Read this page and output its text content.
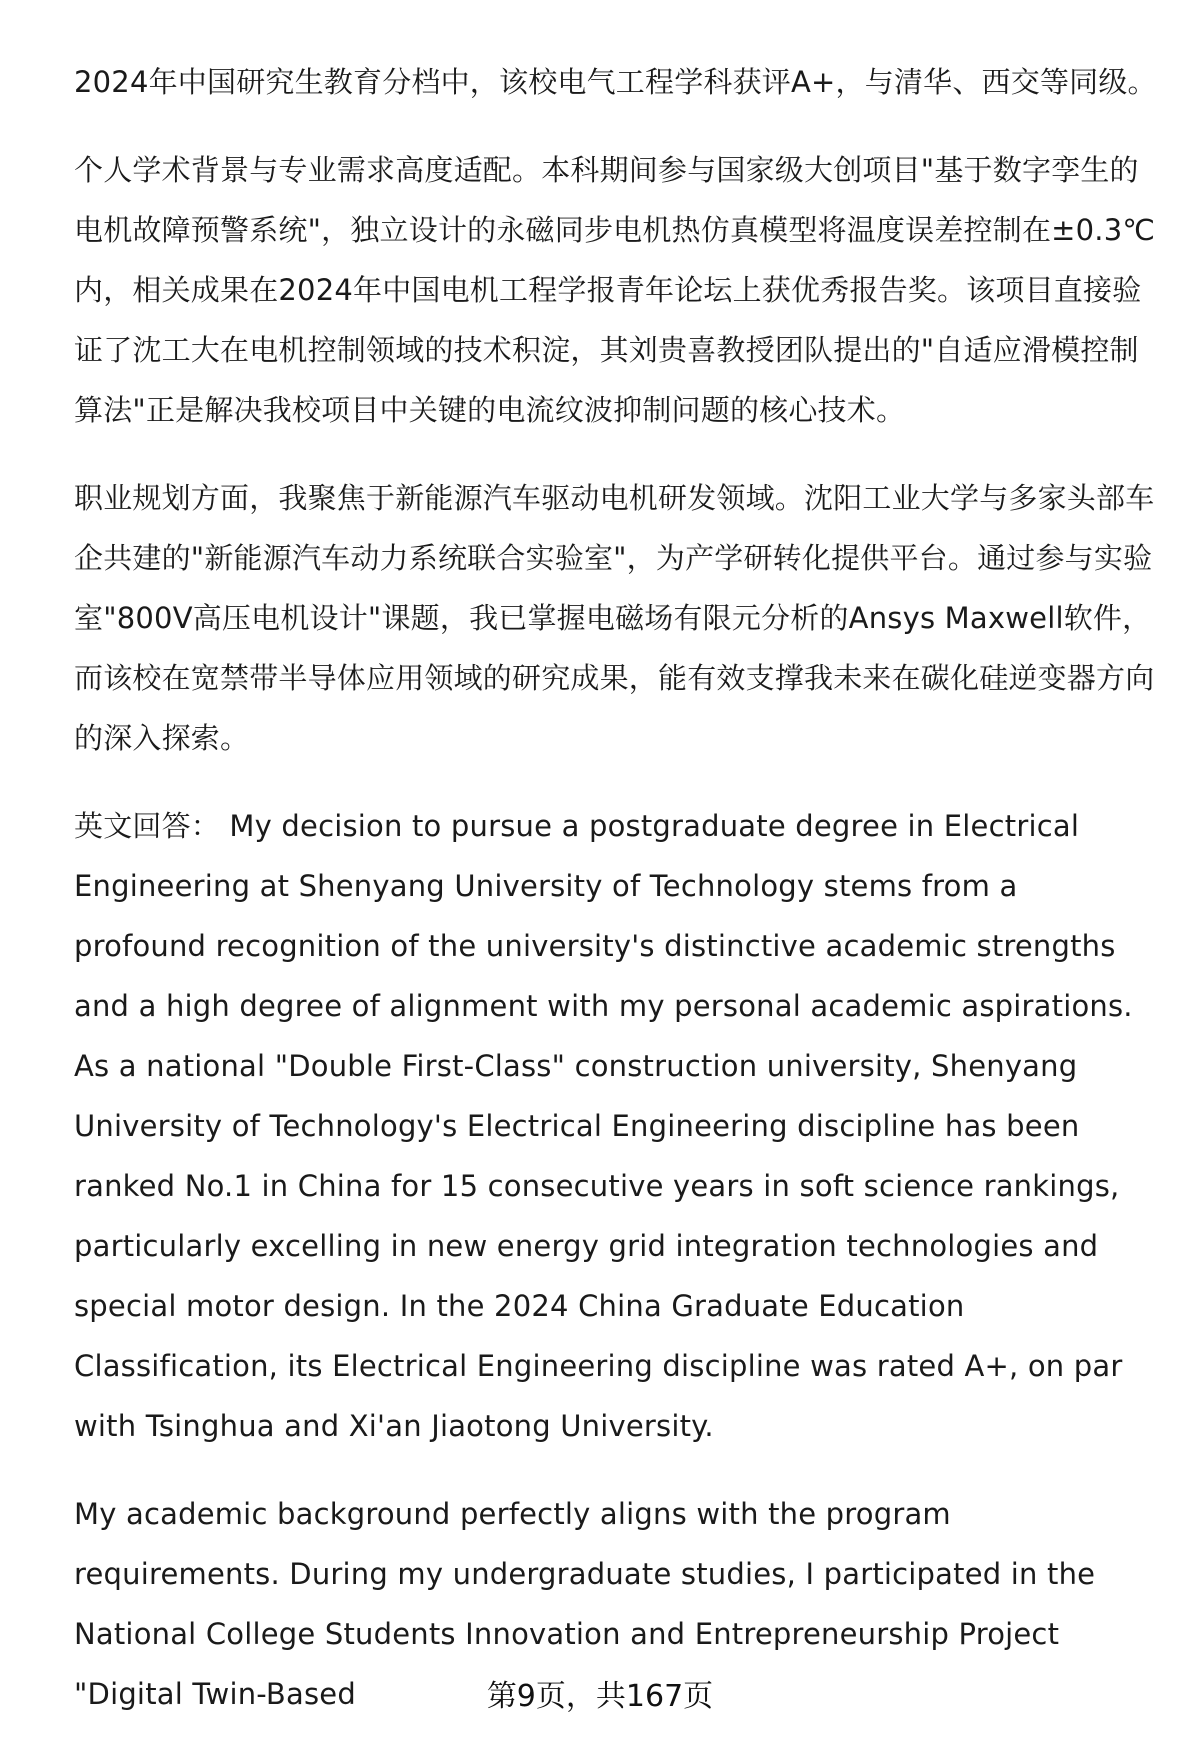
2024年中国研究生教育分档中，该校电气工程学科获评A+，与清华、西交等同级。

个人学术背景与专业需求高度适配。本科期间参与国家级大创项目"基于数字孪生的电机故障预警系统"，独立设计的永磁同步电机热仿真模型将温度误差控制在±0.3℃内，相关成果在2024年中国电机工程学报青年论坛上获优秀报告奖。该项目直接验证了沈工大在电机控制领域的技术积淀，其刘贵喜教授团队提出的"自适应滑模控制算法"正是解决我校项目中关键的电流纹波抑制问题的核心技术。

职业规划方面，我聚焦于新能源汽车驱动电机研发领域。沈阳工业大学与多家头部车企共建的"新能源汽车动力系统联合实验室"，为产学研转化提供平台。通过参与实验室"800V高压电机设计"课题，我已掌握电磁场有限元分析的Ansys Maxwell软件，而该校在宽禁带半导体应用领域的研究成果，能有效支撑我未来在碳化硅逆变器方向的深入探索。

英文回答： My decision to pursue a postgraduate degree in Electrical Engineering at Shenyang University of Technology stems from a profound recognition of the university's distinctive academic strengths and a high degree of alignment with my personal academic aspirations. As a national "Double First-Class" construction university, Shenyang University of Technology's Electrical Engineering discipline has been ranked No.1 in China for 15 consecutive years in soft science rankings, particularly excelling in new energy grid integration technologies and special motor design. In the 2024 China Graduate Education Classification, its Electrical Engineering discipline was rated A+, on par with Tsinghua and Xi'an Jiaotong University.

My academic background perfectly aligns with the program requirements. During my undergraduate studies, I participated in the National College Students Innovation and Entrepreneurship Project "Digital Twin-Based	第9页，共167页
